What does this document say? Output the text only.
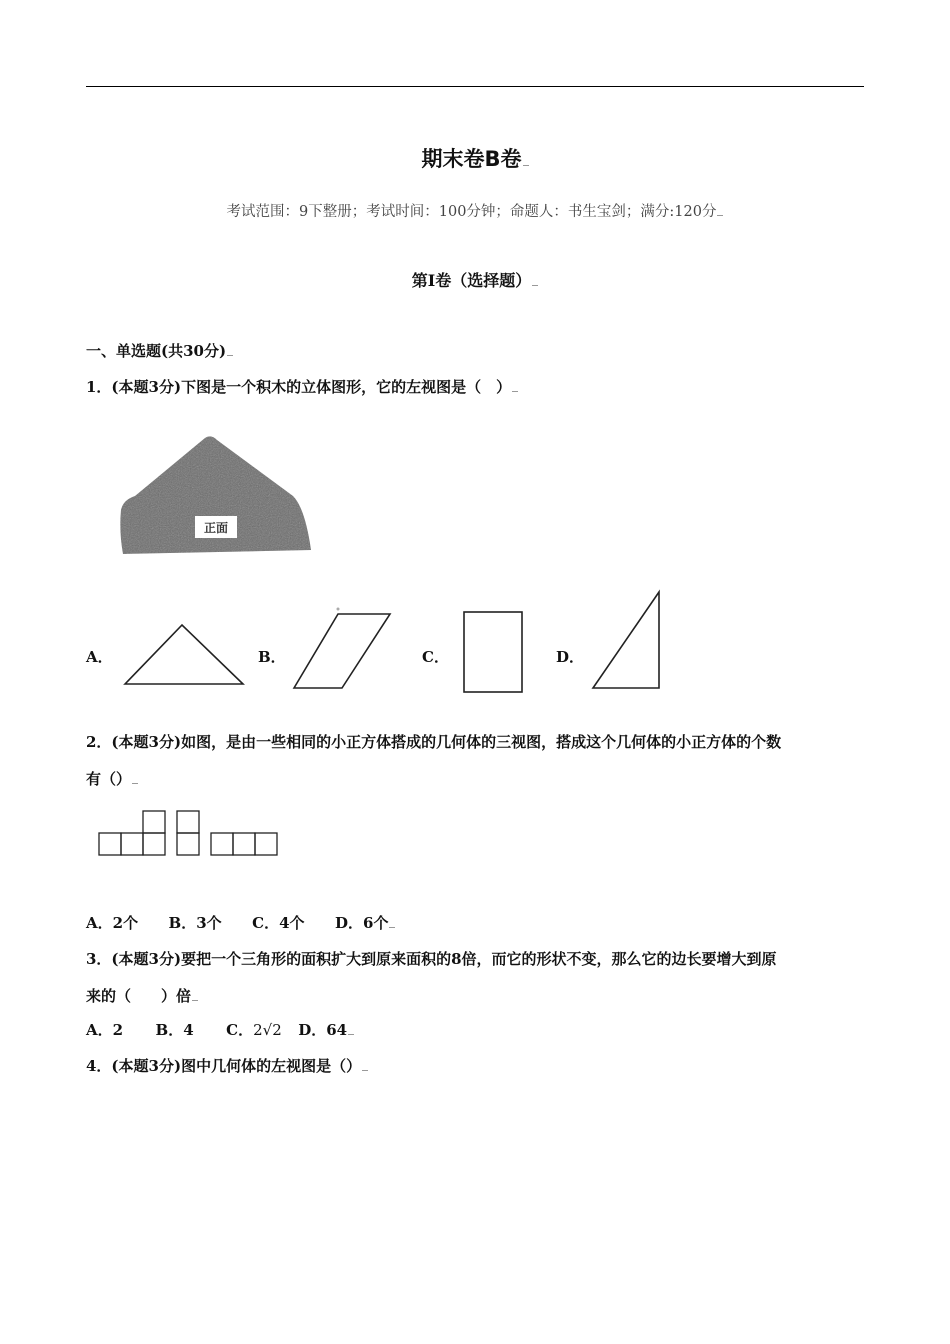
期末卷B卷
考试范围：9下整册；考试时间：100分钟；命题人：书生宝剑；满分:120分
第I卷（选择题）
一、单选题(共30分)
1．(本题3分)下图是一个积木的立体图形，它的左视图是（　）
正面
A．	B．	C．	D．
2．(本题3分)如图，是由一些相同的小正方体搭成的几何体的三视图，搭成这个几何体的小正方体的个数
有（）
A．2个 B．3个 C．4个 D．6个
3．(本题3分)要把一个三角形的面积扩大到原来面积的8倍，而它的形状不变，那么它的边长要增大到原
来的（　　）倍
A．2 B．4 C．2√2 D．64
4．(本题3分)图中几何体的左视图是（）
